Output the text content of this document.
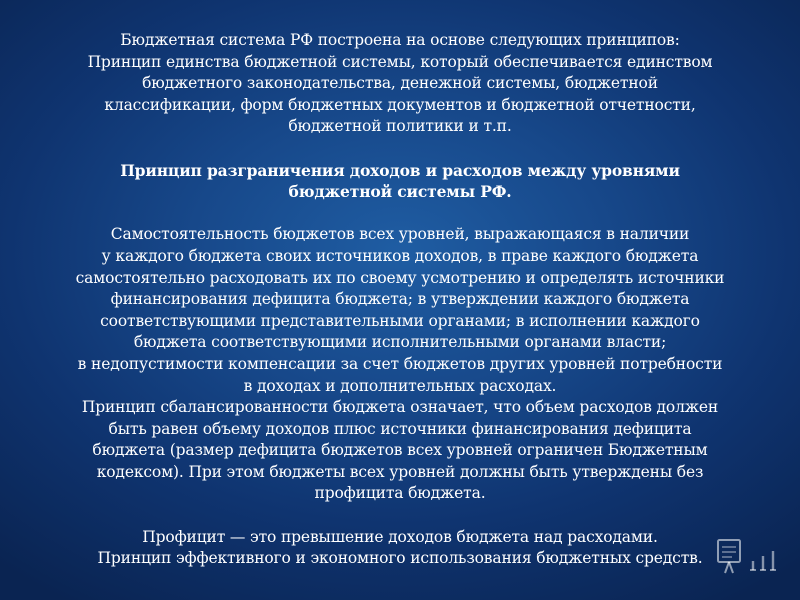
Бюджетная система РФ построена на основе следующих принципов:
Принцип единства бюджетной системы, который обеспечивается единством
бюджетного законодательства, денежной системы, бюджетной
классификации, форм бюджетных документов и бюджетной отчетности,
бюджетной политики и т.п.

Принцип разграничения доходов и расходов между уровнями
бюджетной системы РФ.

Самостоятельность бюджетов всех уровней, выражающаяся в наличии
у каждого бюджета своих источников доходов, в праве каждого бюджета
самостоятельно расходовать их по своему усмотрению и определять источники
финансирования дефицита бюджета; в утверждении каждого бюджета
соответствующими представительными органами; в исполнении каждого
бюджета соответствующими исполнительными органами власти;
в недопустимости компенсации за счет бюджетов других уровней потребности
в доходах и дополнительных расходах.
Принцип сбалансированности бюджета означает, что объем расходов должен
быть равен объему доходов плюс источники финансирования дефицита
бюджета (размер дефицита бюджетов всех уровней ограничен Бюджетным
кодексом). При этом бюджеты всех уровней должны быть утверждены без
профицита бюджета.

Профицит — это превышение доходов бюджета над расходами.
Принцип эффективного и экономного использования бюджетных средств.
